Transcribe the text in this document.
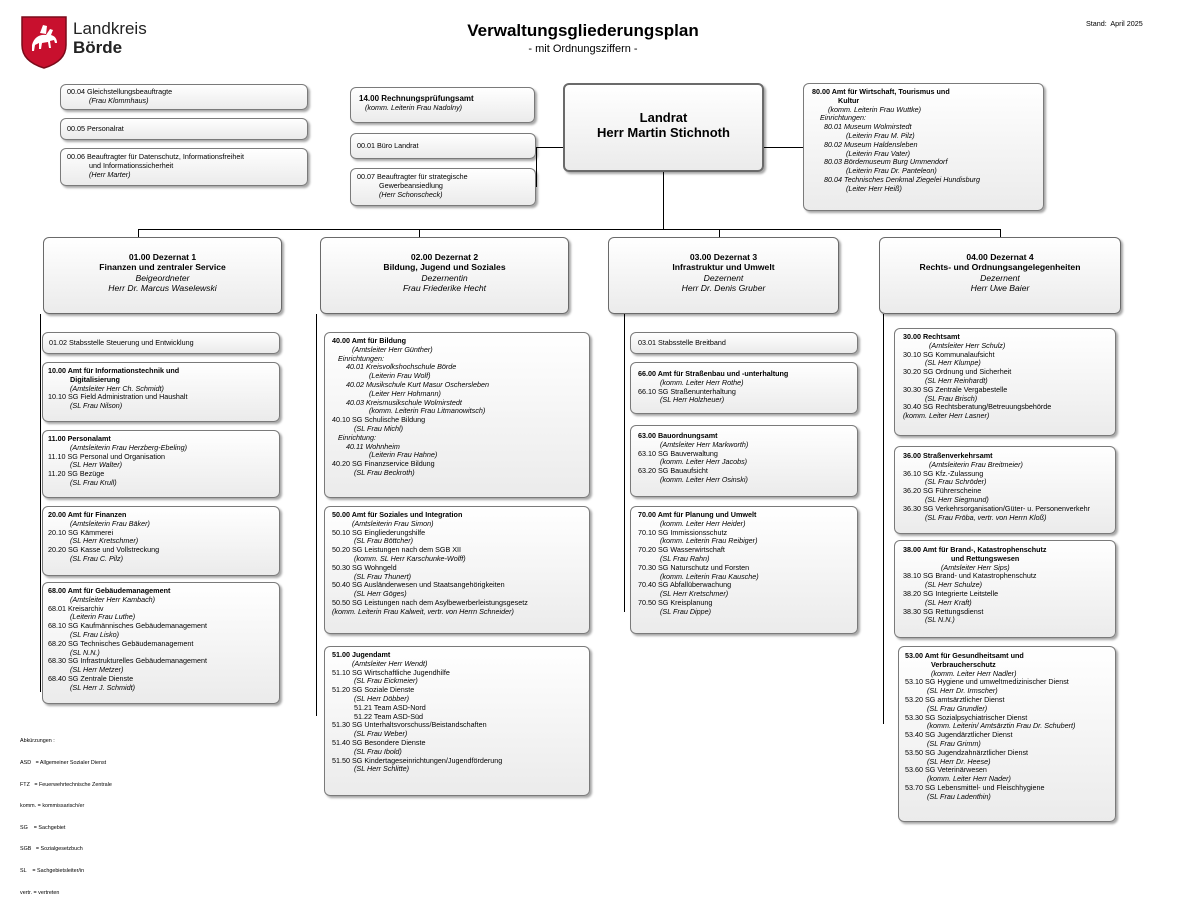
Landkreis
Börde
Verwaltungsgliederungsplan
- mit Ordnungsziffern -
Stand:  April 2025
00.04 Gleichstellungsbeauftragte
(Frau Klommhaus)
00.05 Personalrat
00.06 Beauftragter für Datenschutz, Informationsfreiheit
und Informationssicherheit
(Herr Marter)
14.00 Rechnungsprüfungsamt
(komm. Leiterin Frau Nadolny)
00.01 Büro Landrat
00.07 Beauftragter für strategische
Gewerbeansiedlung
(Herr Schonscheck)
Landrat
Herr Martin Stichnoth
80.00 Amt für Wirtschaft, Tourismus und
Kultur
(komm. Leiterin Frau Wuttke)
Einrichtungen:
80.01 Museum Wolmirstedt
(Leiterin Frau M. Pilz)
80.02 Museum Haldensleben
(Leiterin Frau Vater)
80.03 Bördemuseum Burg Ummendorf
(Leiterin Frau Dr. Panteleon)
80.04 Technisches Denkmal Ziegelei Hundisburg
(Leiter Herr Heiß)
01.00 Dezernat 1
Finanzen und zentraler Service
Beigeordneter
Herr Dr. Marcus Waselewski
02.00 Dezernat 2
Bildung, Jugend und Soziales
Dezernentin
Frau Friederike Hecht
03.00 Dezernat 3
Infrastruktur und Umwelt
Dezernent
Herr Dr. Denis Gruber
04.00 Dezernat 4
Rechts- und Ordnungsangelegenheiten
Dezernent
Herr Uwe Baier
01.02 Stabsstelle Steuerung und Entwicklung
10.00 Amt für Informationstechnik und
Digitalisierung
(Amtsleiter Herr Ch. Schmidt)
10.10 SG Field Administration und Haushalt
(SL Frau Nilson)
11.00 Personalamt
(Amtsleiterin Frau Herzberg-Ebeling)
11.10 SG Personal und Organisation
(SL Herr Walter)
11.20 SG Bezüge
(SL Frau Krull)
20.00 Amt für Finanzen
(Amtsleiterin Frau Bäker)
20.10 SG Kämmerei
(SL Herr Kretschmer)
20.20 SG Kasse und Vollstreckung
(SL Frau C. Pilz)
68.00 Amt für Gebäudemanagement
(Amtsleiter Herr Kambach)
68.01 Kreisarchiv
(Leiterin Frau Luthe)
68.10 SG Kaufmännisches Gebäudemanagement
(SL Frau Lisko)
68.20 SG Technisches Gebäudemanagement
(SL N.N.)
68.30 SG Infrastrukturelles Gebäudemanagement
(SL Herr Metzer)
68.40 SG Zentrale Dienste
(SL Herr J. Schmidt)
40.00 Amt für Bildung
(Amtsleiter Herr Günther)
Einrichtungen:
40.01 Kreisvolkshochschule Börde
(Leiterin Frau Wolf)
40.02 Musikschule Kurt Masur Oschersleben
(Leiter Herr Hohmann)
40.03 Kreismusikschule Wolmirstedt
(komm. Leiterin Frau Litmanowitsch)
40.10 SG Schulische Bildung
(SL Frau Michl)
Einrichtung:
40.11 Wohnheim
(Leiterin Frau Hahne)
40.20 SG Finanzservice Bildung
(SL Frau Beckroth)
50.00 Amt für Soziales und Integration
(Amtsleiterin Frau Simon)
50.10 SG Eingliederungshilfe
(SL Frau Böttcher)
50.20 SG Leistungen nach dem SGB XII
(komm. SL Herr Karschunke-Wolff)
50.30 SG Wohngeld
(SL Frau Thunert)
50.40 SG Ausländerwesen und Staatsangehörigkeiten
(SL Herr Göges)
50.50 SG Leistungen nach dem Asylbewerberleistungsgesetz
(komm. Leiterin Frau Kalweit, vertr. von Herrn Schneider)
51.00 Jugendamt
(Amtsleiter Herr Wendt)
51.10 SG Wirtschaftliche Jugendhilfe
(SL Frau Eickmeier)
51.20 SG Soziale Dienste
(SL Herr Döbber)
51.21 Team ASD-Nord
51.22 Team ASD-Süd
51.30 SG Unterhaltsvorschuss/Beistandschaften
(SL Frau Weber)
51.40 SG Besondere Dienste
(SL Frau Ibold)
51.50 SG Kindertageseinrichtungen/Jugendförderung
(SL Herr Schlitte)
03.01 Stabsstelle Breitband
66.00 Amt für Straßenbau und -unterhaltung
(komm. Leiter Herr Rothe)
66.10 SG Straßenunterhaltung
(SL Herr Holzheuer)
63.00 Bauordnungsamt
(Amtsleiter Herr Markworth)
63.10 SG Bauverwaltung
(komm. Leiter Herr Jacobs)
63.20 SG Bauaufsicht
(komm. Leiter Herr Osinski)
70.00 Amt für Planung und Umwelt
(komm. Leiter Herr Heider)
70.10 SG Immissionsschutz
(komm. Leiterin Frau Reibiger)
70.20 SG Wasserwirtschaft
(SL Frau Rahn)
70.30 SG Naturschutz und Forsten
(komm. Leiterin Frau Kausche)
70.40 SG Abfallüberwachung
(SL Herr Kretschmer)
70.50 SG Kreisplanung
(SL Frau Dippe)
30.00 Rechtsamt
(Amtsleiter Herr Schulz)
30.10 SG Kommunalaufsicht
(SL Herr Klumpe)
30.20 SG Ordnung und Sicherheit
(SL Herr Reinhardt)
30.30 SG Zentrale Vergabestelle
(SL Frau Brisch)
30.40 SG Rechtsberatung/Betreuungsbehörde
(komm. Leiter Herr Lasner)
36.00 Straßenverkehrsamt
(Amtsleiterin Frau Breitmeier)
36.10 SG Kfz.-Zulassung
(SL Frau Schröder)
36.20 SG Führerscheine
(SL Herr Siegmund)
36.30 SG Verkehrsorganisation/Güter- u. Personenverkehr
(SL Frau Fröba, vertr. von Herrn Kloß)
38.00 Amt für Brand-, Katastrophenschutz
und Rettungswesen
(Amtsleiter Herr Sips)
38.10 SG Brand- und Katastrophenschutz
(SL Herr Schulze)
38.20 SG Integrierte Leitstelle
(SL Herr Kraft)
38.30 SG Rettungsdienst
(SL N.N.)
53.00 Amt für Gesundheitsamt und
Verbraucherschutz
(komm. Leiter Herr Nadler)
53.10 SG Hygiene und umweltmedizinischer Dienst
(SL Herr Dr. Irmscher)
53.20 SG amtsärztlicher Dienst
(SL Frau Grundler)
53.30 SG Sozialpsychiatrischer Dienst
(komm. Leiterin/ Amtsärztin Frau Dr. Schubert)
53.40 SG Jugendärztlicher Dienst
(SL Frau Grimm)
53.50 SG Jugendzahnärztlicher Dienst
(SL Herr Dr. Heese)
53.60 SG Veterinärwesen
(komm. Leiter Herr Nader)
53.70 SG Lebensmittel- und Fleischhygiene
(SL Frau Ladenthin)

Abkürzungen :

ASD   = Allgemeiner Sozialer Dienst

FTZ   = Feuerwehrtechnische Zentrale

komm. = kommissarisch/er

SG    = Sachgebiet

SGB   = Sozialgesetzbuch

SL    = Sachgebietsleiter/in

vertr. = vertreten
